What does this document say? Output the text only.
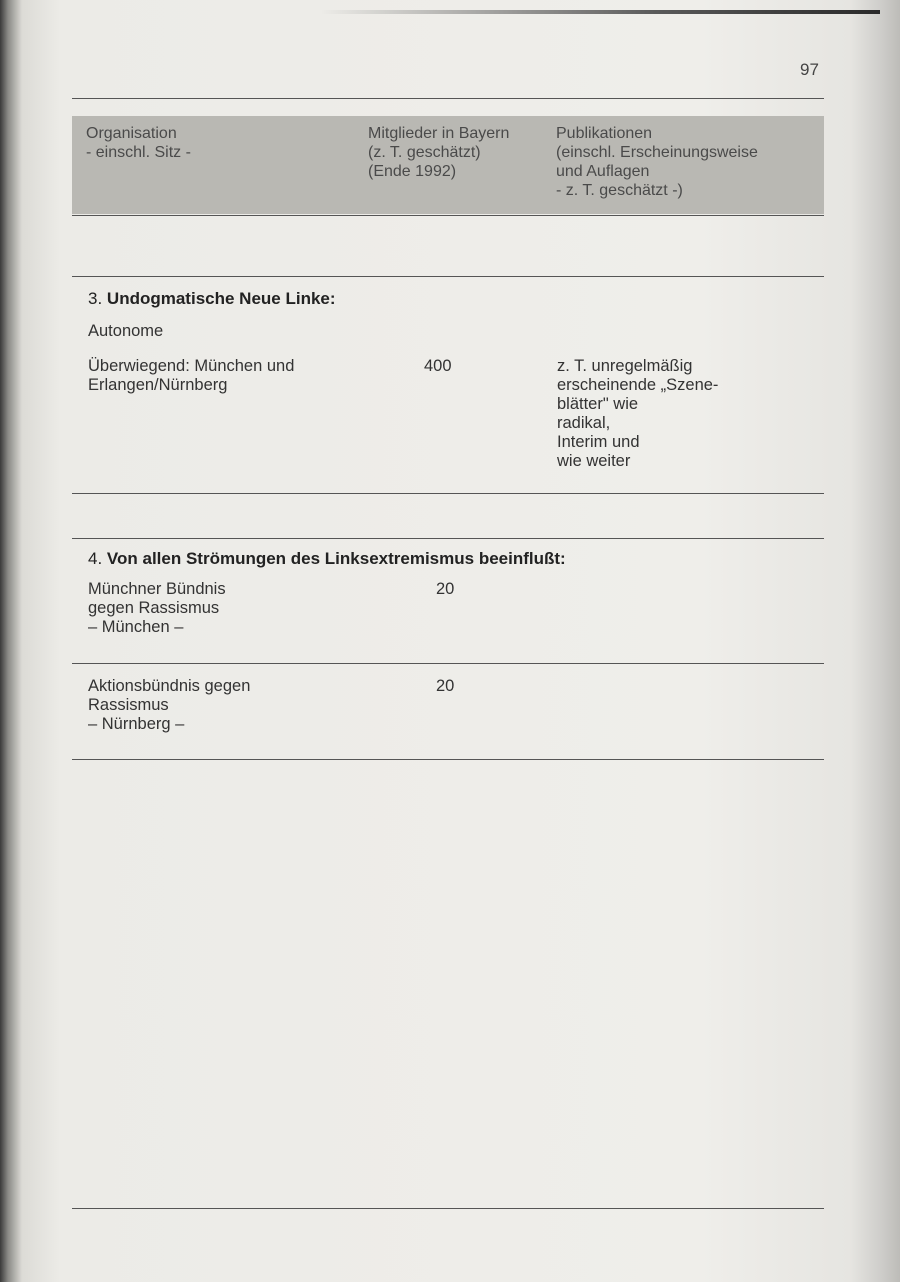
97
Organisation
- einschl. Sitz -
Mitglieder in Bayern
(z. T. geschätzt)
(Ende 1992)
Publikationen
(einschl. Erscheinungsweise
und Auflagen
- z. T. geschätzt -)
3. Undogmatische Neue Linke:
Autonome
Überwiegend: München und
Erlangen/Nürnberg
400	z. T. unregelmäßig
erscheinende „Szene-
blätter" wie
radikal,
Interim und
wie weiter
4. Von allen Strömungen des Linksextremismus beeinflußt:
Münchner Bündnis
gegen Rassismus
– München –
20
Aktionsbündnis gegen
Rassismus
– Nürnberg –
20
